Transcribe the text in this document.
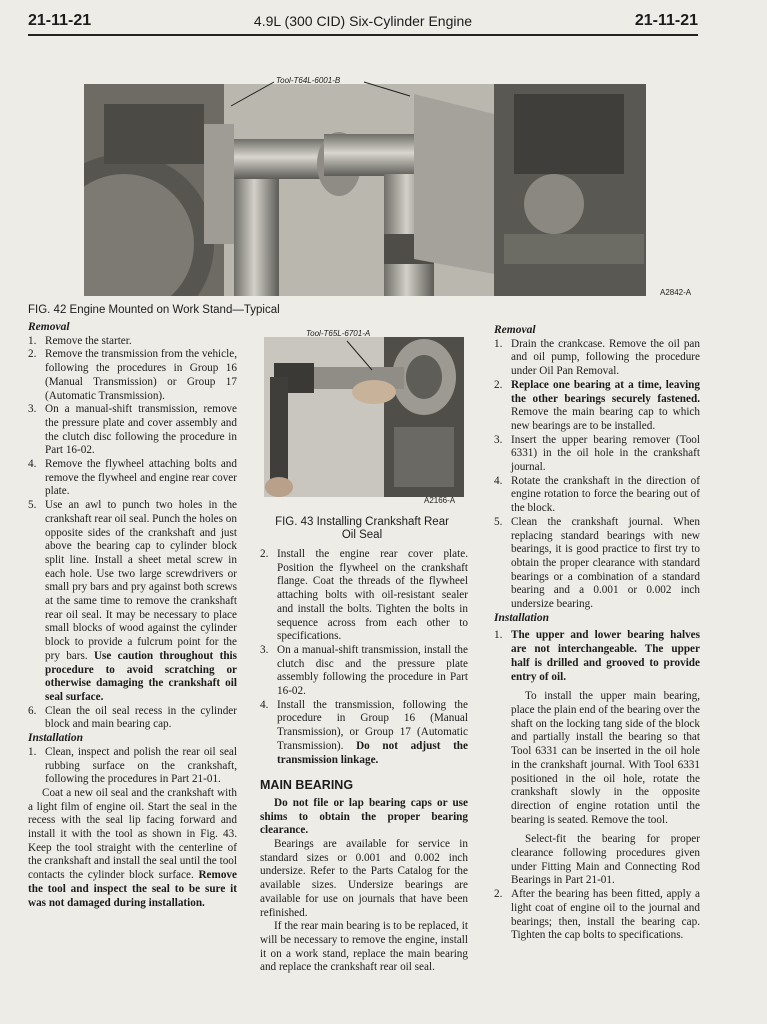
21-11-21	4.9L (300 CID) Six-Cylinder Engine	21-11-21
Tool-T64L-6001-B
A2842-A
FIG. 42 Engine Mounted on Work Stand—Typical
Tool-T65L-6701-A
A2166-A
FIG. 43 Installing Crankshaft Rear
Oil Seal

Removal

1. Remove the starter.
2. Remove the transmission from the vehicle, following the procedures in Group 16 (Manual Transmission) or Group 17 (Automatic Transmission).
3. On a manual-shift transmission, remove the pressure plate and cover assembly and the clutch disc following the procedure in Part 16-02.
4. Remove the flywheel attaching bolts and remove the flywheel and engine rear cover plate.
5. Use an awl to punch two holes in the crankshaft rear oil seal. Punch the holes on opposite sides of the crankshaft and just above the bearing cap to cylinder block split line. Install a sheet metal screw in each hole. Use two large screwdrivers or small pry bars and pry against both screws at the same time to remove the crankshaft rear oil seal. It may be necessary to place small blocks of wood against the cylinder block to provide a fulcrum point for the pry bars. Use caution throughout this procedure to avoid scratching or otherwise damaging the crankshaft oil seal surface.
6. Clean the oil seal recess in the cylinder block and main bearing cap.

Installation

1. Clean, inspect and polish the rear oil seal rubbing surface on the crankshaft, following the procedures in Part 21-01.

Coat a new oil seal and the crankshaft with a light film of engine oil. Start the seal in the recess with the seal lip facing forward and install it with the tool as shown in Fig. 43. Keep the tool straight with the centerline of the crankshaft and install the seal until the tool contacts the cylinder block surface. Remove the tool and inspect the seal to be sure it was not damaged during installation.

2. Install the engine rear cover plate. Position the flywheel on the crankshaft flange. Coat the threads of the flywheel attaching bolts with oil-resistant sealer and install the bolts. Tighten the bolts in sequence across from each other to specifications.
3. On a manual-shift transmission, install the clutch disc and the pressure plate assembly following the procedure in Part 16-02.
4. Install the transmission, following the procedure in Group 16 (Manual Transmission), or Group 17 (Automatic Transmission). Do not adjust the transmission linkage.

MAIN BEARING

Do not file or lap bearing caps or use shims to obtain the proper bearing clearance.

Bearings are available for service in standard sizes or 0.001 and 0.002 inch undersize. Refer to the Parts Catalog for the available sizes. Undersize bearings are available for use on journals that have been refinished.

If the rear main bearing is to be replaced, it will be necessary to remove the engine, install it on a work stand, replace the main bearing and replace the crankshaft rear oil seal.

Removal

1. Drain the crankcase. Remove the oil pan and oil pump, following the procedure under Oil Pan Removal.
2. Replace one bearing at a time, leaving the other bearings securely fastened. Remove the main bearing cap to which new bearings are to be installed.
3. Insert the upper bearing remover (Tool 6331) in the oil hole in the crankshaft journal.
4. Rotate the crankshaft in the direction of engine rotation to force the bearing out of the block.
5. Clean the crankshaft journal. When replacing standard bearings with new bearings, it is good practice to first try to obtain the proper clearance with standard bearings or a combination of a standard bearing and a 0.001 or 0.002 inch undersize bearing.

Installation

1. The upper and lower bearing halves are not interchangeable. The upper half is drilled and grooved to provide entry of oil.

To install the upper main bearing, place the plain end of the bearing over the shaft on the locking tang side of the block and partially install the bearing so that Tool 6331 can be inserted in the oil hole in the crankshaft journal. With Tool 6331 positioned in the oil hole, rotate the crankshaft slowly in the opposite direction of engine rotation until the bearing is seated. Remove the tool.

Select-fit the bearing for proper clearance following procedures given under Fitting Main and Connecting Rod Bearings in Part 21-01.

2. After the bearing has been fitted, apply a light coat of engine oil to the journal and bearings; then, install the bearing cap. Tighten the cap bolts to specifications.
